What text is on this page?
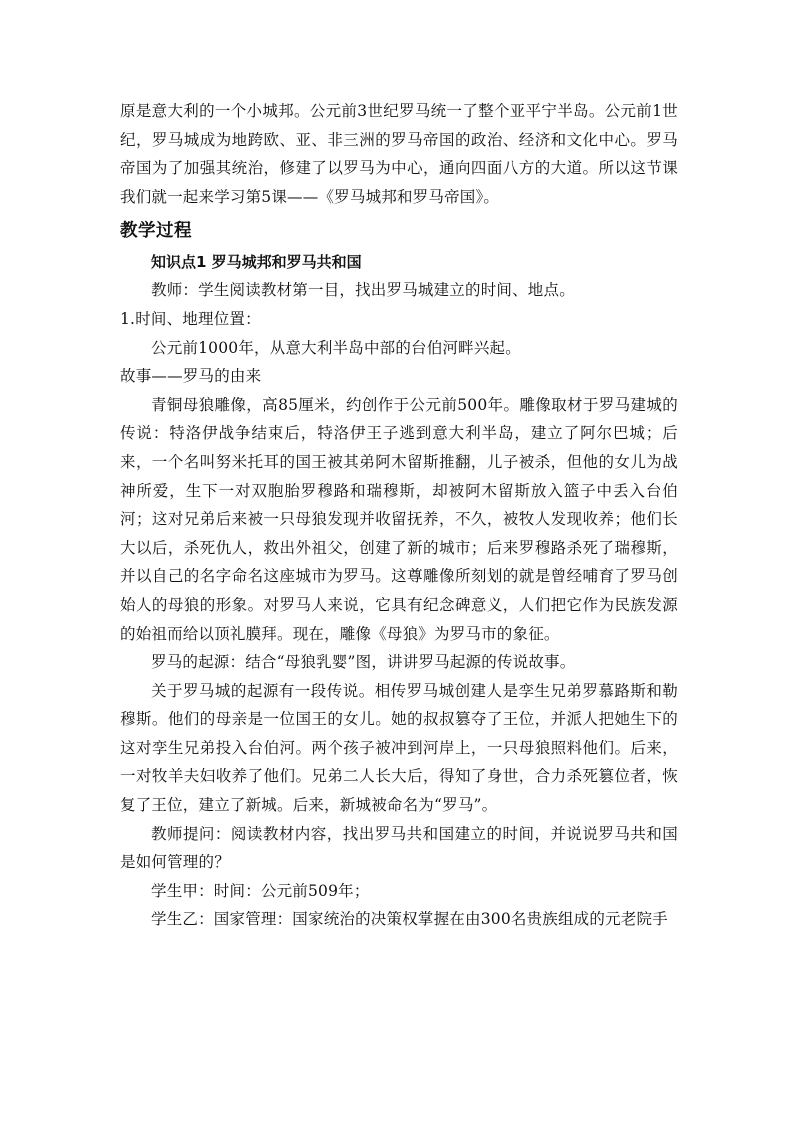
原是意大利的一个小城邦。公元前3世纪罗马统一了整个亚平宁半岛。公元前1世纪，罗马城成为地跨欧、亚、非三洲的罗马帝国的政治、经济和文化中心。罗马帝国为了加强其统治，修建了以罗马为中心，通向四面八方的大道。所以这节课我们就一起来学习第5课——《罗马城邦和罗马帝国》。

教学过程

知识点1 罗马城邦和罗马共和国

教师：学生阅读教材第一目，找出罗马城建立的时间、地点。

1.时间、地理位置：

公元前1000年，从意大利半岛中部的台伯河畔兴起。

故事——罗马的由来

青铜母狼雕像，高85厘米，约创作于公元前500年。雕像取材于罗马建城的传说：特洛伊战争结束后，特洛伊王子逃到意大利半岛，建立了阿尔巴城；后来，一个名叫努米托耳的国王被其弟阿木留斯推翻，儿子被杀，但他的女儿为战神所爱，生下一对双胞胎罗穆路和瑞穆斯，却被阿木留斯放入篮子中丢入台伯河；这对兄弟后来被一只母狼发现并收留抚养，不久，被牧人发现收养；他们长大以后，杀死仇人，救出外祖父，创建了新的城市；后来罗穆路杀死了瑞穆斯，并以自己的名字命名这座城市为罗马。这尊雕像所刻划的就是曾经哺育了罗马创始人的母狼的形象。对罗马人来说，它具有纪念碑意义，人们把它作为民族发源的始祖而给以顶礼膜拜。现在，雕像《母狼》为罗马市的象征。

罗马的起源：结合“母狼乳婴”图，讲讲罗马起源的传说故事。

关于罗马城的起源有一段传说。相传罗马城创建人是孪生兄弟罗慕路斯和勒穆斯。他们的母亲是一位国王的女儿。她的叔叔篡夺了王位，并派人把她生下的这对孪生兄弟投入台伯河。两个孩子被冲到河岸上，一只母狼照料他们。后来，一对牧羊夫妇收养了他们。兄弟二人长大后，得知了身世，合力杀死篡位者，恢复了王位，建立了新城。后来，新城被命名为“罗马”。

教师提问：阅读教材内容，找出罗马共和国建立的时间，并说说罗马共和国是如何管理的？

学生甲：时间：公元前509年；

学生乙：国家管理：国家统治的决策权掌握在由300名贵族组成的元老院手
